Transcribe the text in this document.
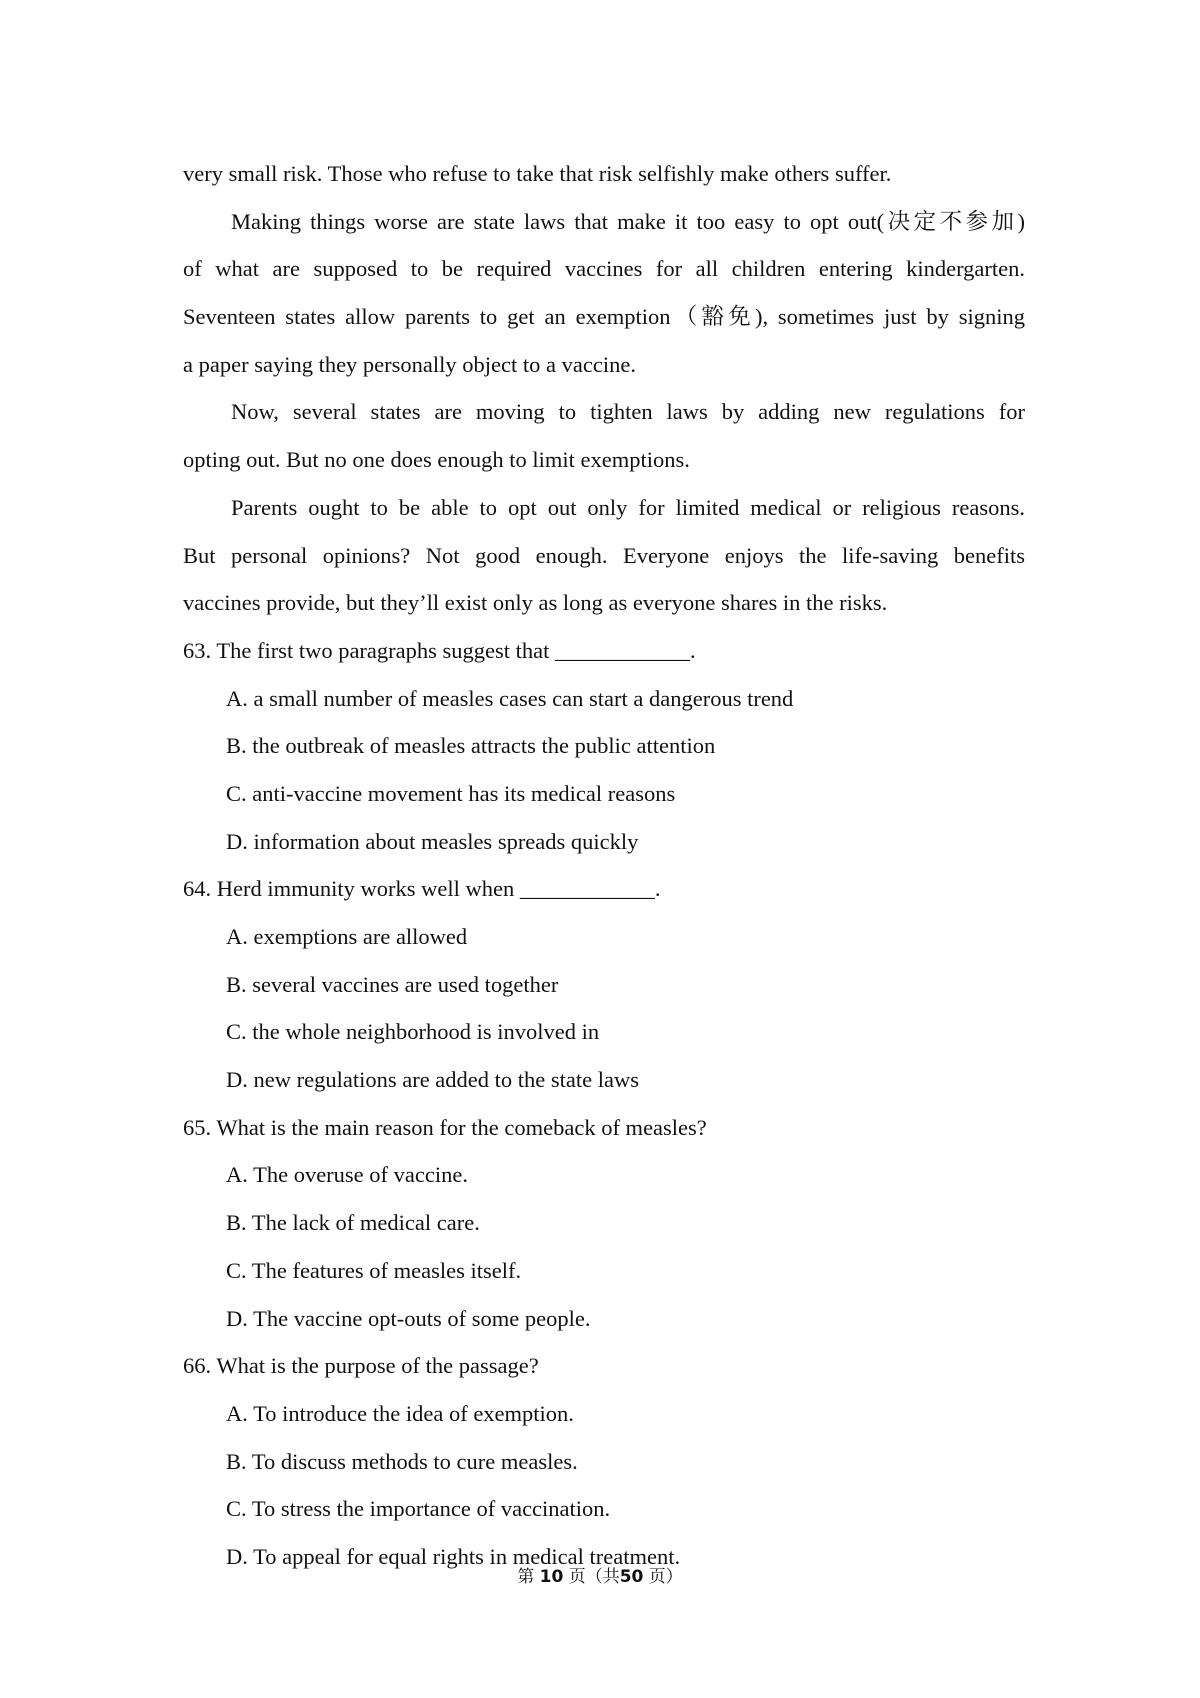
very small risk. Those who refuse to take that risk selfishly make others suffer.
Making things worse are state laws that make it too easy to opt out(决定不参加)
of what are supposed to be required vaccines for all children entering kindergarten.
Seventeen states allow parents to get an exemption（豁免), sometimes just by signing
a paper saying they personally object to a vaccine.
Now, several states are moving to tighten laws by adding new regulations for
opting out. But no one does enough to limit exemptions.
Parents ought to be able to opt out only for limited medical or religious reasons.
But personal opinions? Not good enough. Everyone enjoys the life-saving benefits
vaccines provide, but they’ll exist only as long as everyone shares in the risks.
63. The first two paragraphs suggest that ____________.
A. a small number of measles cases can start a dangerous trend
B. the outbreak of measles attracts the public attention
C. anti-vaccine movement has its medical reasons
D. information about measles spreads quickly
64. Herd immunity works well when ____________.
A. exemptions are allowed
B. several vaccines are used together
C. the whole neighborhood is involved in
D. new regulations are added to the state laws
65. What is the main reason for the comeback of measles?
A. The overuse of vaccine.
B. The lack of medical care.
C. The features of measles itself.
D. The vaccine opt-outs of some people.
66. What is the purpose of the passage?
A. To introduce the idea of exemption.
B. To discuss methods to cure measles.
C. To stress the importance of vaccination.
D. To appeal for equal rights in medical treatment.
第 10 页（共50 页）
